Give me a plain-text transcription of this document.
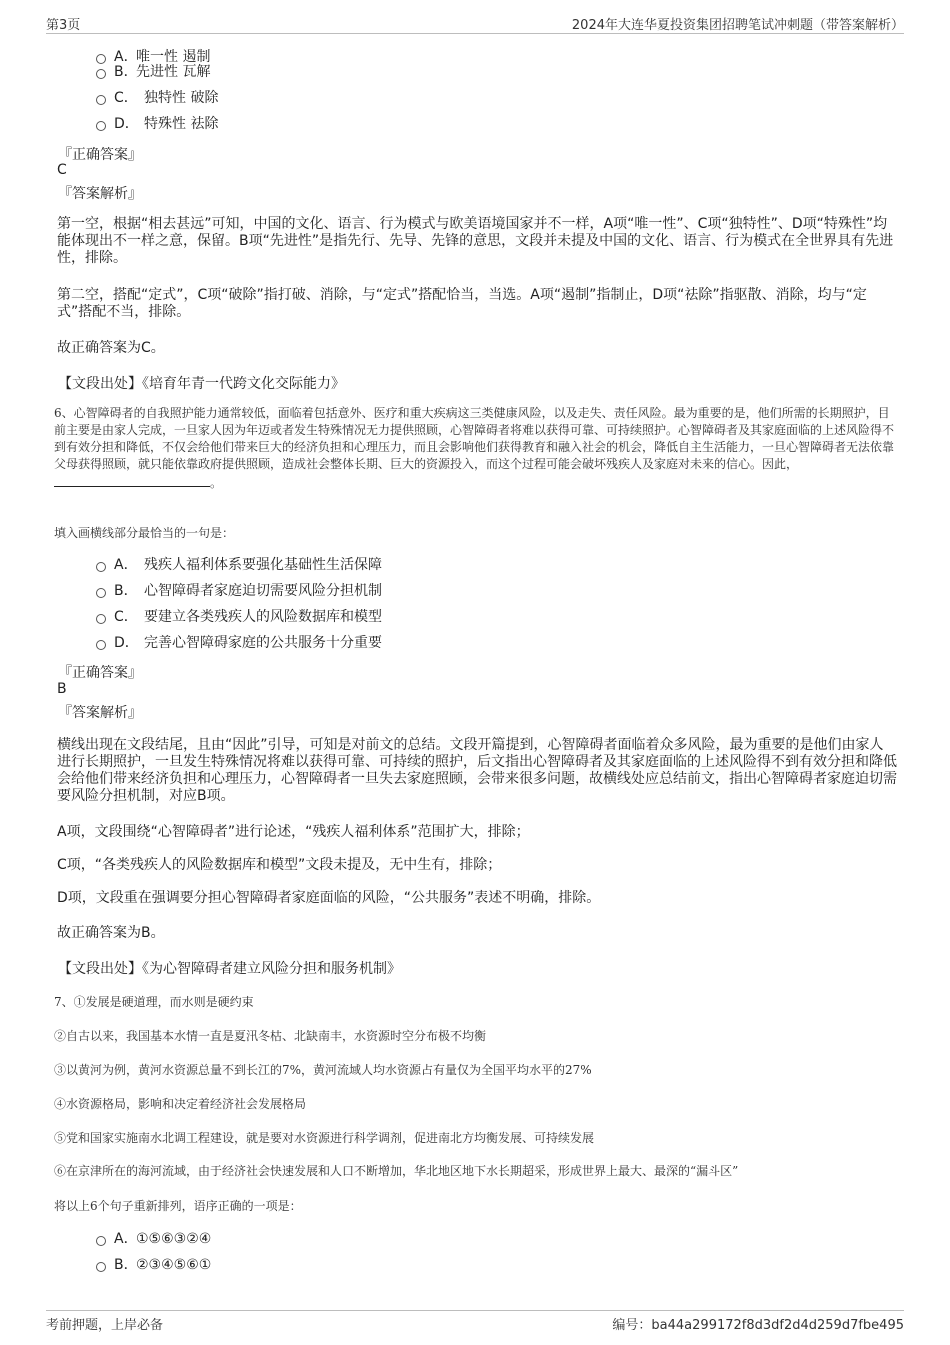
第3页	2024年大连华夏投资集团招聘笔试冲刺题（带答案解析）
A．唯一性 遏制
B．先进性 瓦解
C． 独特性 破除
D． 特殊性 祛除
『正确答案』
C
『答案解析』

第一空，根据“相去甚远”可知，中国的文化、语言、行为模式与欧美语境国家并不一样，A项“唯一性”、C项“独特性”、D项“特殊性”均能体现出不一样之意，保留。B项“先进性”是指先行、先导、先锋的意思，文段并未提及中国的文化、语言、行为模式在全世界具有先进性，排除。

第二空，搭配“定式”，C项“破除”指打破、消除，与“定式”搭配恰当，当选。A项“遏制”指制止，D项“祛除”指驱散、消除，均与“定式”搭配不当，排除。

故正确答案为C。

【文段出处】《培育年青一代跨文化交际能力》

6、心智障碍者的自我照护能力通常较低，面临着包括意外、医疗和重大疾病这三类健康风险，以及走失、责任风险。最为重要的是，他们所需的长期照护，目前主要是由家人完成，一旦家人因为年迈或者发生特殊情况无力提供照顾，心智障碍者将难以获得可靠、可持续照护。心智障碍者及其家庭面临的上述风险得不到有效分担和降低，不仅会给他们带来巨大的经济负担和心理压力，而且会影响他们获得教育和融入社会的机会，降低自主生活能力，一旦心智障碍者无法依靠父母获得照顾，就只能依靠政府提供照顾，造成社会整体长期、巨大的资源投入，而这个过程可能会破坏残疾人及家庭对未来的信心。因此，。

填入画横线部分最恰当的一句是：
A． 残疾人福利体系要强化基础性生活保障
B． 心智障碍者家庭迫切需要风险分担机制
C． 要建立各类残疾人的风险数据库和模型
D． 完善心智障碍家庭的公共服务十分重要
『正确答案』
B
『答案解析』

横线出现在文段结尾，且由“因此”引导，可知是对前文的总结。文段开篇提到，心智障碍者面临着众多风险，最为重要的是他们由家人进行长期照护，一旦发生特殊情况将难以获得可靠、可持续的照护，后文指出心智障碍者及其家庭面临的上述风险得不到有效分担和降低会给他们带来经济负担和心理压力，心智障碍者一旦失去家庭照顾，会带来很多问题，故横线处应总结前文，指出心智障碍者家庭迫切需要风险分担机制，对应B项。

A项，文段围绕“心智障碍者”进行论述，“残疾人福利体系”范围扩大，排除；

C项，“各类残疾人的风险数据库和模型”文段未提及，无中生有，排除；

D项，文段重在强调要分担心智障碍者家庭面临的风险，“公共服务”表述不明确，排除。

故正确答案为B。

【文段出处】《为心智障碍者建立风险分担和服务机制》
7、①发展是硬道理，而水则是硬约束
②自古以来，我国基本水情一直是夏汛冬枯、北缺南丰，水资源时空分布极不均衡
③以黄河为例，黄河水资源总量不到长江的7%，黄河流域人均水资源占有量仅为全国平均水平的27%
④水资源格局，影响和决定着经济社会发展格局
⑤党和国家实施南水北调工程建设，就是要对水资源进行科学调剂，促进南北方均衡发展、可持续发展
⑥在京津所在的海河流域，由于经济社会快速发展和人口不断增加，华北地区地下水长期超采，形成世界上最大、最深的“漏斗区”
将以上6个句子重新排列，语序正确的一项是：
A．①⑤⑥③②④
B．②③④⑤⑥①
考前押题，上岸必备	编号：ba44a299172f8d3df2d4d259d7fbe495
